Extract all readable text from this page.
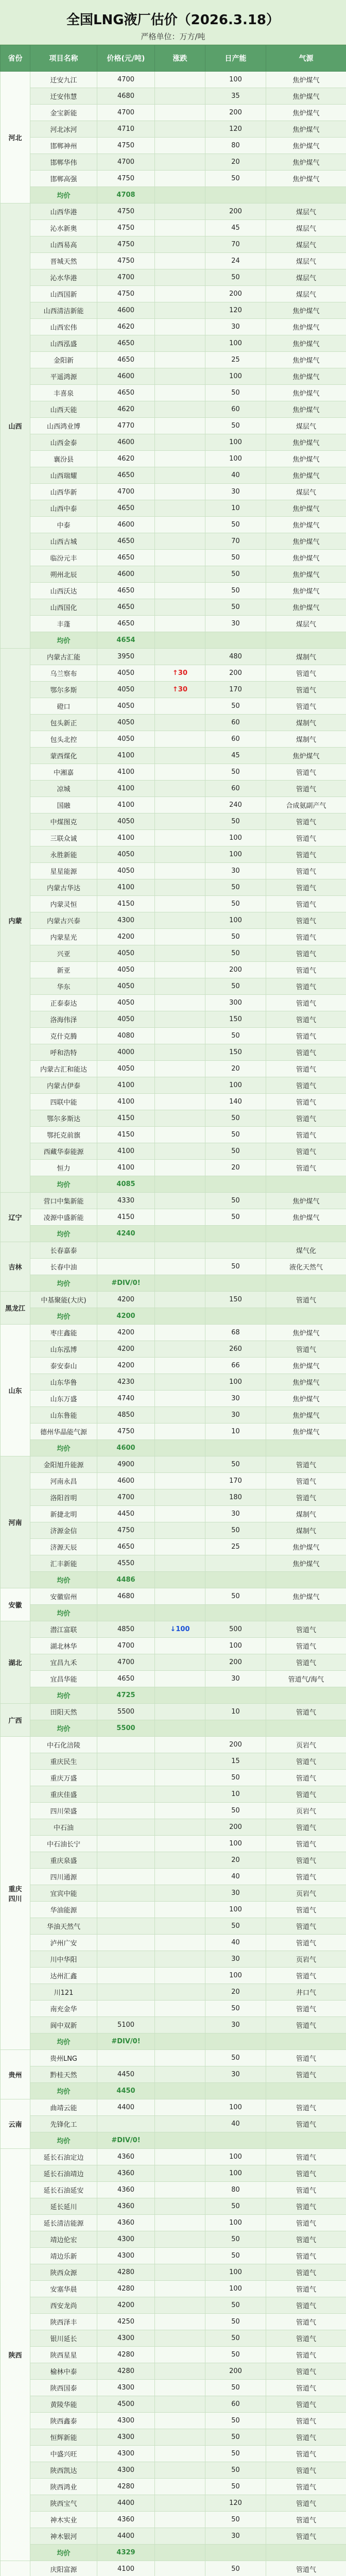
全国LNG液厂估价（2026.3.18）
严格单位：万方/吨
省份	项目名称	价格(元/吨)	涨跌	日产能	气源
河北	迁安九江	4700		100	焦炉煤气
	迁安伟慧	4680		35	焦炉煤气
	金宝新能	4700		200	焦炉煤气
	河北冰河	4710		120	焦炉煤气
	邯郸神州	4750		80	焦炉煤气
	邯郸华伟	4700		20	焦炉煤气
	邯郸高强	4750		50	焦炉煤气
	均价	4708			
山西	山西华港	4750		200	煤层气
	沁水新奥	4750		45	煤层气
	山西易高	4750		70	煤层气
	晋城天然	4750		24	煤层气
	沁水华港	4700		50	煤层气
	山西国新	4750		200	煤层气
	山西清洁新能	4600		120	焦炉煤气
	山西宏伟	4620		30	焦炉煤气
	山西泓盛	4650		100	焦炉煤气
	金阳新	4650		25	焦炉煤气
	平遥鸿源	4600		100	焦炉煤气
	丰喜泉	4650		50	焦炉煤气
	山西天能	4620		60	焦炉煤气
	山西鸿业博	4770		50	煤层气
	山西金泰	4600		100	焦炉煤气
	襄汾县	4620		100	焦炉煤气
	山西瑞耀	4650		40	焦炉煤气
	山西华新	4700		30	煤层气
	山西中泰	4650		10	焦炉煤气
	中泰	4600		50	焦炉煤气
	山西古城	4650		70	焦炉煤气
	临汾元丰	4650		50	焦炉煤气
	朔州北辰	4600		50	焦炉煤气
	山西沃达	4650		50	焦炉煤气
	山西国化	4650		50	焦炉煤气
	丰蓬	4650		30	煤层气
	均价	4654			
内蒙	内蒙古汇能	3950		480	煤制气
	乌兰察布	4050	↑30	200	管道气
	鄂尔多斯	4050	↑30	170	管道气
	磴口	4050		50	管道气
	包头新正	4050		60	煤制气
	包头北控	4050		60	煤制气
	蒙西煤化	4100		45	焦炉煤气
	中湘嘉	4100		50	管道气
	凉城	4100		60	管道气
	国融	4100		240	合成氨副产气
	中煤图克	4050		50	管道气
	三联众诚	4100		100	管道气
	永胜新能	4050		100	管道气
	星星能源	4050		30	管道气
	内蒙古华达	4100		50	管道气
	内蒙灵恒	4150		50	管道气
	内蒙古兴泰	4300		100	管道气
	内蒙星光	4200		50	管道气
	兴亚	4050		50	管道气
	新亚	4050		200	管道气
	华东	4050		50	管道气
	正泰泰达	4050		300	管道气
	洛海伟泽	4050		150	管道气
	克什克腾	4080		50	管道气
	呼和浩特	4000		150	管道气
	内蒙古汇和能达	4050		20	管道气
	内蒙古伊泰	4100		100	管道气
	四联中能	4100		140	管道气
	鄂尔多斯达	4150		50	管道气
	鄂托克前旗	4150		50	管道气
	西藏华泰能源	4100		50	管道气
	恒力	4100		20	管道气
	均价	4085			
辽宁	营口中集新能	4330		50	焦炉煤气
	凌源中盛新能	4150		50	焦炉煤气
	均价	4240			
吉林	长春嘉泰				煤气化
	长春中油			50	液化天然气
	均价	#DIV/0!			
黑龙江	中基聚能(大庆)	4200		150	管道气
	均价	4200			
山东	枣庄鑫能	4200		68	焦炉煤气
	山东泓博	4200		260	管道气
	泰安泰山	4200		66	焦炉煤气
	山东华鲁	4230		100	焦炉煤气
	山东万盛	4740		30	焦炉煤气
	山东鲁能	4850		30	焦炉煤气
	德州华晶能气源	4750		10	焦炉煤气
	均价	4600			
河南	金阳旭升能源	4900		50	管道气
	河南永昌	4600		170	管道气
	洛阳首明	4700		180	管道气
	新捷北明	4450		30	煤制气
	济源金信	4750		50	煤制气
	济源天辰	4650		25	焦炉煤气
	汇丰新能	4550			焦炉煤气
	均价	4486			
安徽	安徽宿州	4680		50	焦炉煤气
	均价				
湖北	潜江富联	4850	↓100	500	管道气
	湖北林华	4700		100	管道气
	宜昌九禾	4700		200	管道气
	宜昌华能	4650		30	管道气/海气
	均价	4725			
广西	田阳天然	5500		10	管道气
	均价	5500			
重庆
四川	中石化涪陵			200	页岩气
	重庆民生			15	管道气
	重庆万盛			50	管道气
	重庆佳盛			10	管道气
	四川荣盛			50	页岩气
	中石油			200	管道气
	中石油长宁			100	管道气
	重庆泉盛			20	管道气
	四川通源			40	管道气
	宜宾中能			30	页岩气
	华油能源			100	管道气
	华油天然气			50	管道气
	泸州广安			40	管道气
	川中华阳			30	页岩气
	达州汇鑫			100	管道气
	川121			20	井口气
	南充金华			50	管道气
	阆中双新	5100		30	管道气
	均价	#DIV/0!			
贵州	贵州LNG			50	管道气
	黔桂天然	4450		30	管道气
	均价	4450			
云南	曲靖云能	4400		100	管道气
	先锋化工			40	管道气
	均价	#DIV/0!			
陕西	延长石油定边	4360		100	管道气
	延长石油靖边	4360		100	管道气
	延长石油延安	4360		80	管道气
	延长延川	4360		50	管道气
	延长清洁能源	4360		100	管道气
	靖边伦宏	4300		50	管道气
	靖边乐新	4300		50	管道气
	陕西众源	4280		100	管道气
	安塞华晨	4280		100	管道气
	西安龙尚	4200		50	管道气
	陕西泽丰	4250		50	管道气
	银川延长	4300		50	管道气
	陕西星星	4280		50	管道气
	榆林中泰	4280		200	管道气
	陕西国泰	4300		50	管道气
	黄陵华能	4500		60	管道气
	陕西鑫泰	4300		50	管道气
	恒辉新能	4300		50	管道气
	中盛兴旺	4300		50	管道气
	陕西凯达	4300		50	管道气
	陕西鸿业	4280		50	管道气
	陕西宝气	4400		120	管道气
	神木实业	4360		50	管道气
	神木银河	4400		30	管道气
	均价	4329			
	庆阳富源	4100		50	管道气
